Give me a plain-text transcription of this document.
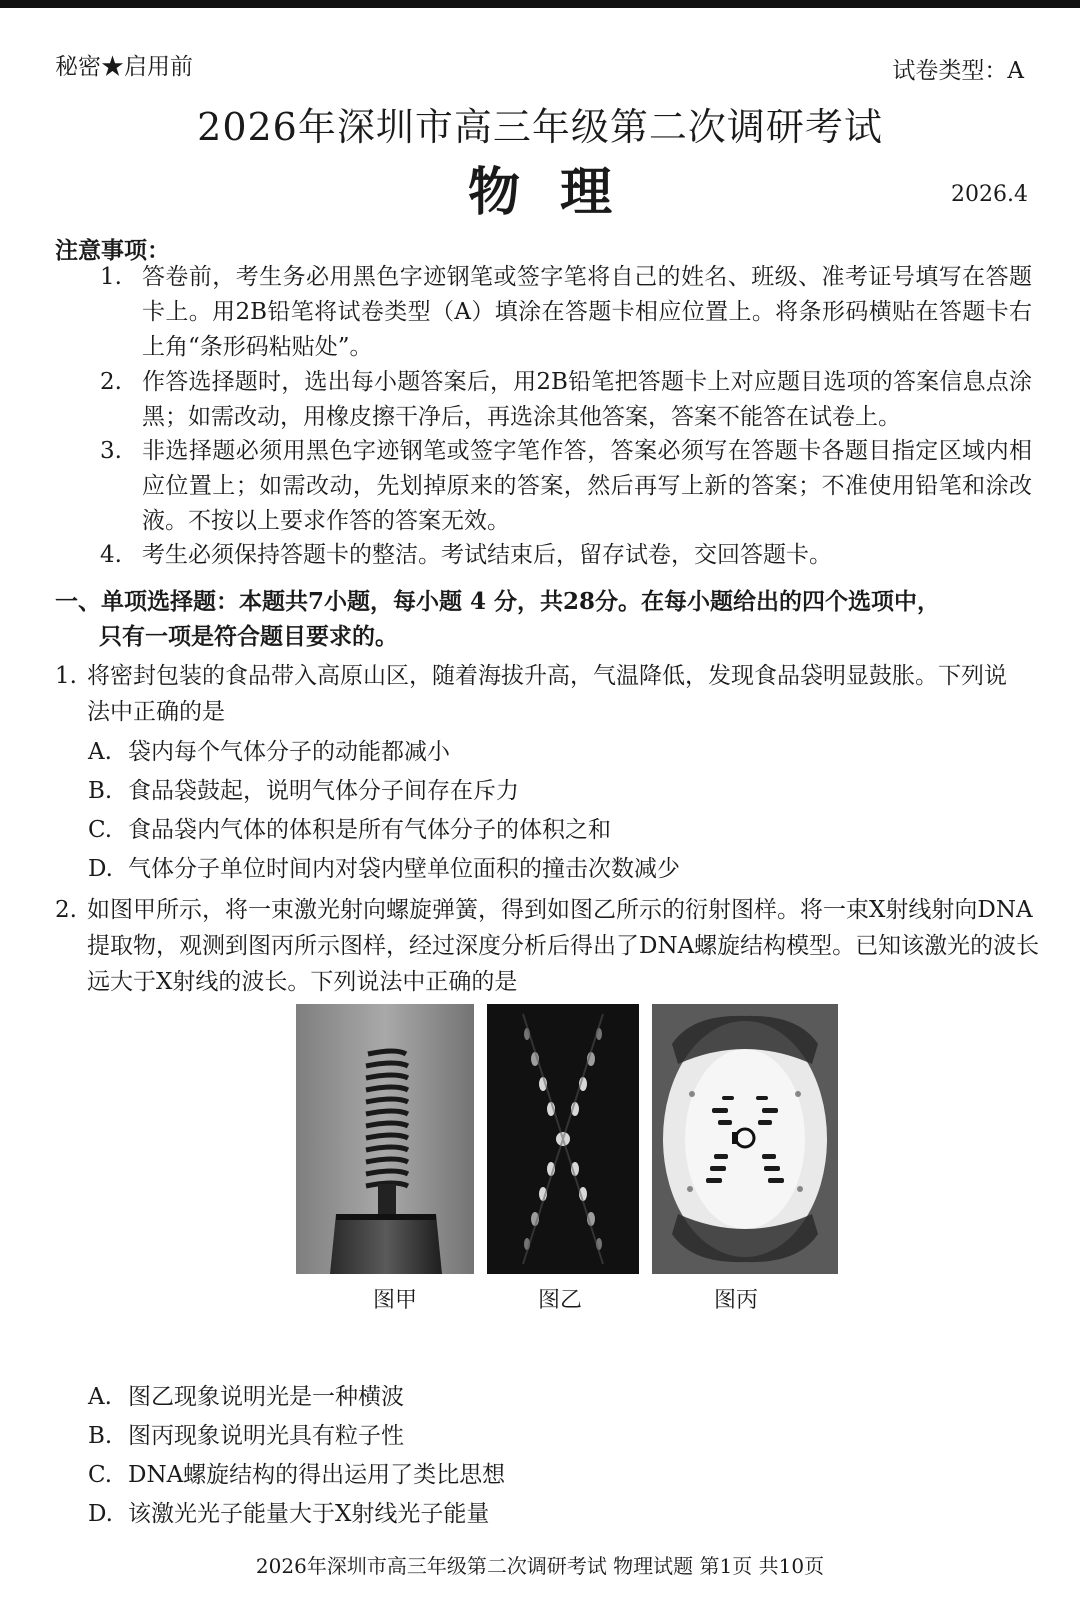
秘密★启用前	试卷类型：A
2026年深圳市高三年级第二次调研考试
物理	2026.4
注意事项：
1. 答卷前，考生务必用黑色字迹钢笔或签字笔将自己的姓名、班级、准考证号填写在答题卡上。用2B铅笔将试卷类型（A）填涂在答题卡相应位置上。将条形码横贴在答题卡右上角“条形码粘贴处”。
2. 作答选择题时，选出每小题答案后，用2B铅笔把答题卡上对应题目选项的答案信息点涂黑；如需改动，用橡皮擦干净后，再选涂其他答案，答案不能答在试卷上。
3. 非选择题必须用黑色字迹钢笔或签字笔作答，答案必须写在答题卡各题目指定区域内相应位置上；如需改动，先划掉原来的答案，然后再写上新的答案；不准使用铅笔和涂改液。不按以上要求作答的答案无效。
4. 考生必须保持答题卡的整洁。考试结束后，留存试卷，交回答题卡。
一、单项选择题：本题共7小题，每小题 4 分，共28分。在每小题给出的四个选项中，
只有一项是符合题目要求的。
1. 将密封包装的食品带入高原山区，随着海拔升高，气温降低，发现食品袋明显鼓胀。下列说法中正确的是
A. 袋内每个气体分子的动能都减小
B. 食品袋鼓起，说明气体分子间存在斥力
C. 食品袋内气体的体积是所有气体分子的体积之和
D. 气体分子单位时间内对袋内壁单位面积的撞击次数减少
2. 如图甲所示，将一束激光射向螺旋弹簧，得到如图乙所示的衍射图样。将一束X射线射向DNA提取物，观测到图丙所示图样，经过深度分析后得出了DNA螺旋结构模型。已知该激光的波长远大于X射线的波长。下列说法中正确的是
图甲	图乙	图丙
A. 图乙现象说明光是一种横波
B. 图丙现象说明光具有粒子性
C. DNA螺旋结构的得出运用了类比思想
D. 该激光光子能量大于X射线光子能量
2026年深圳市高三年级第二次调研考试 物理试题 第1页 共10页
